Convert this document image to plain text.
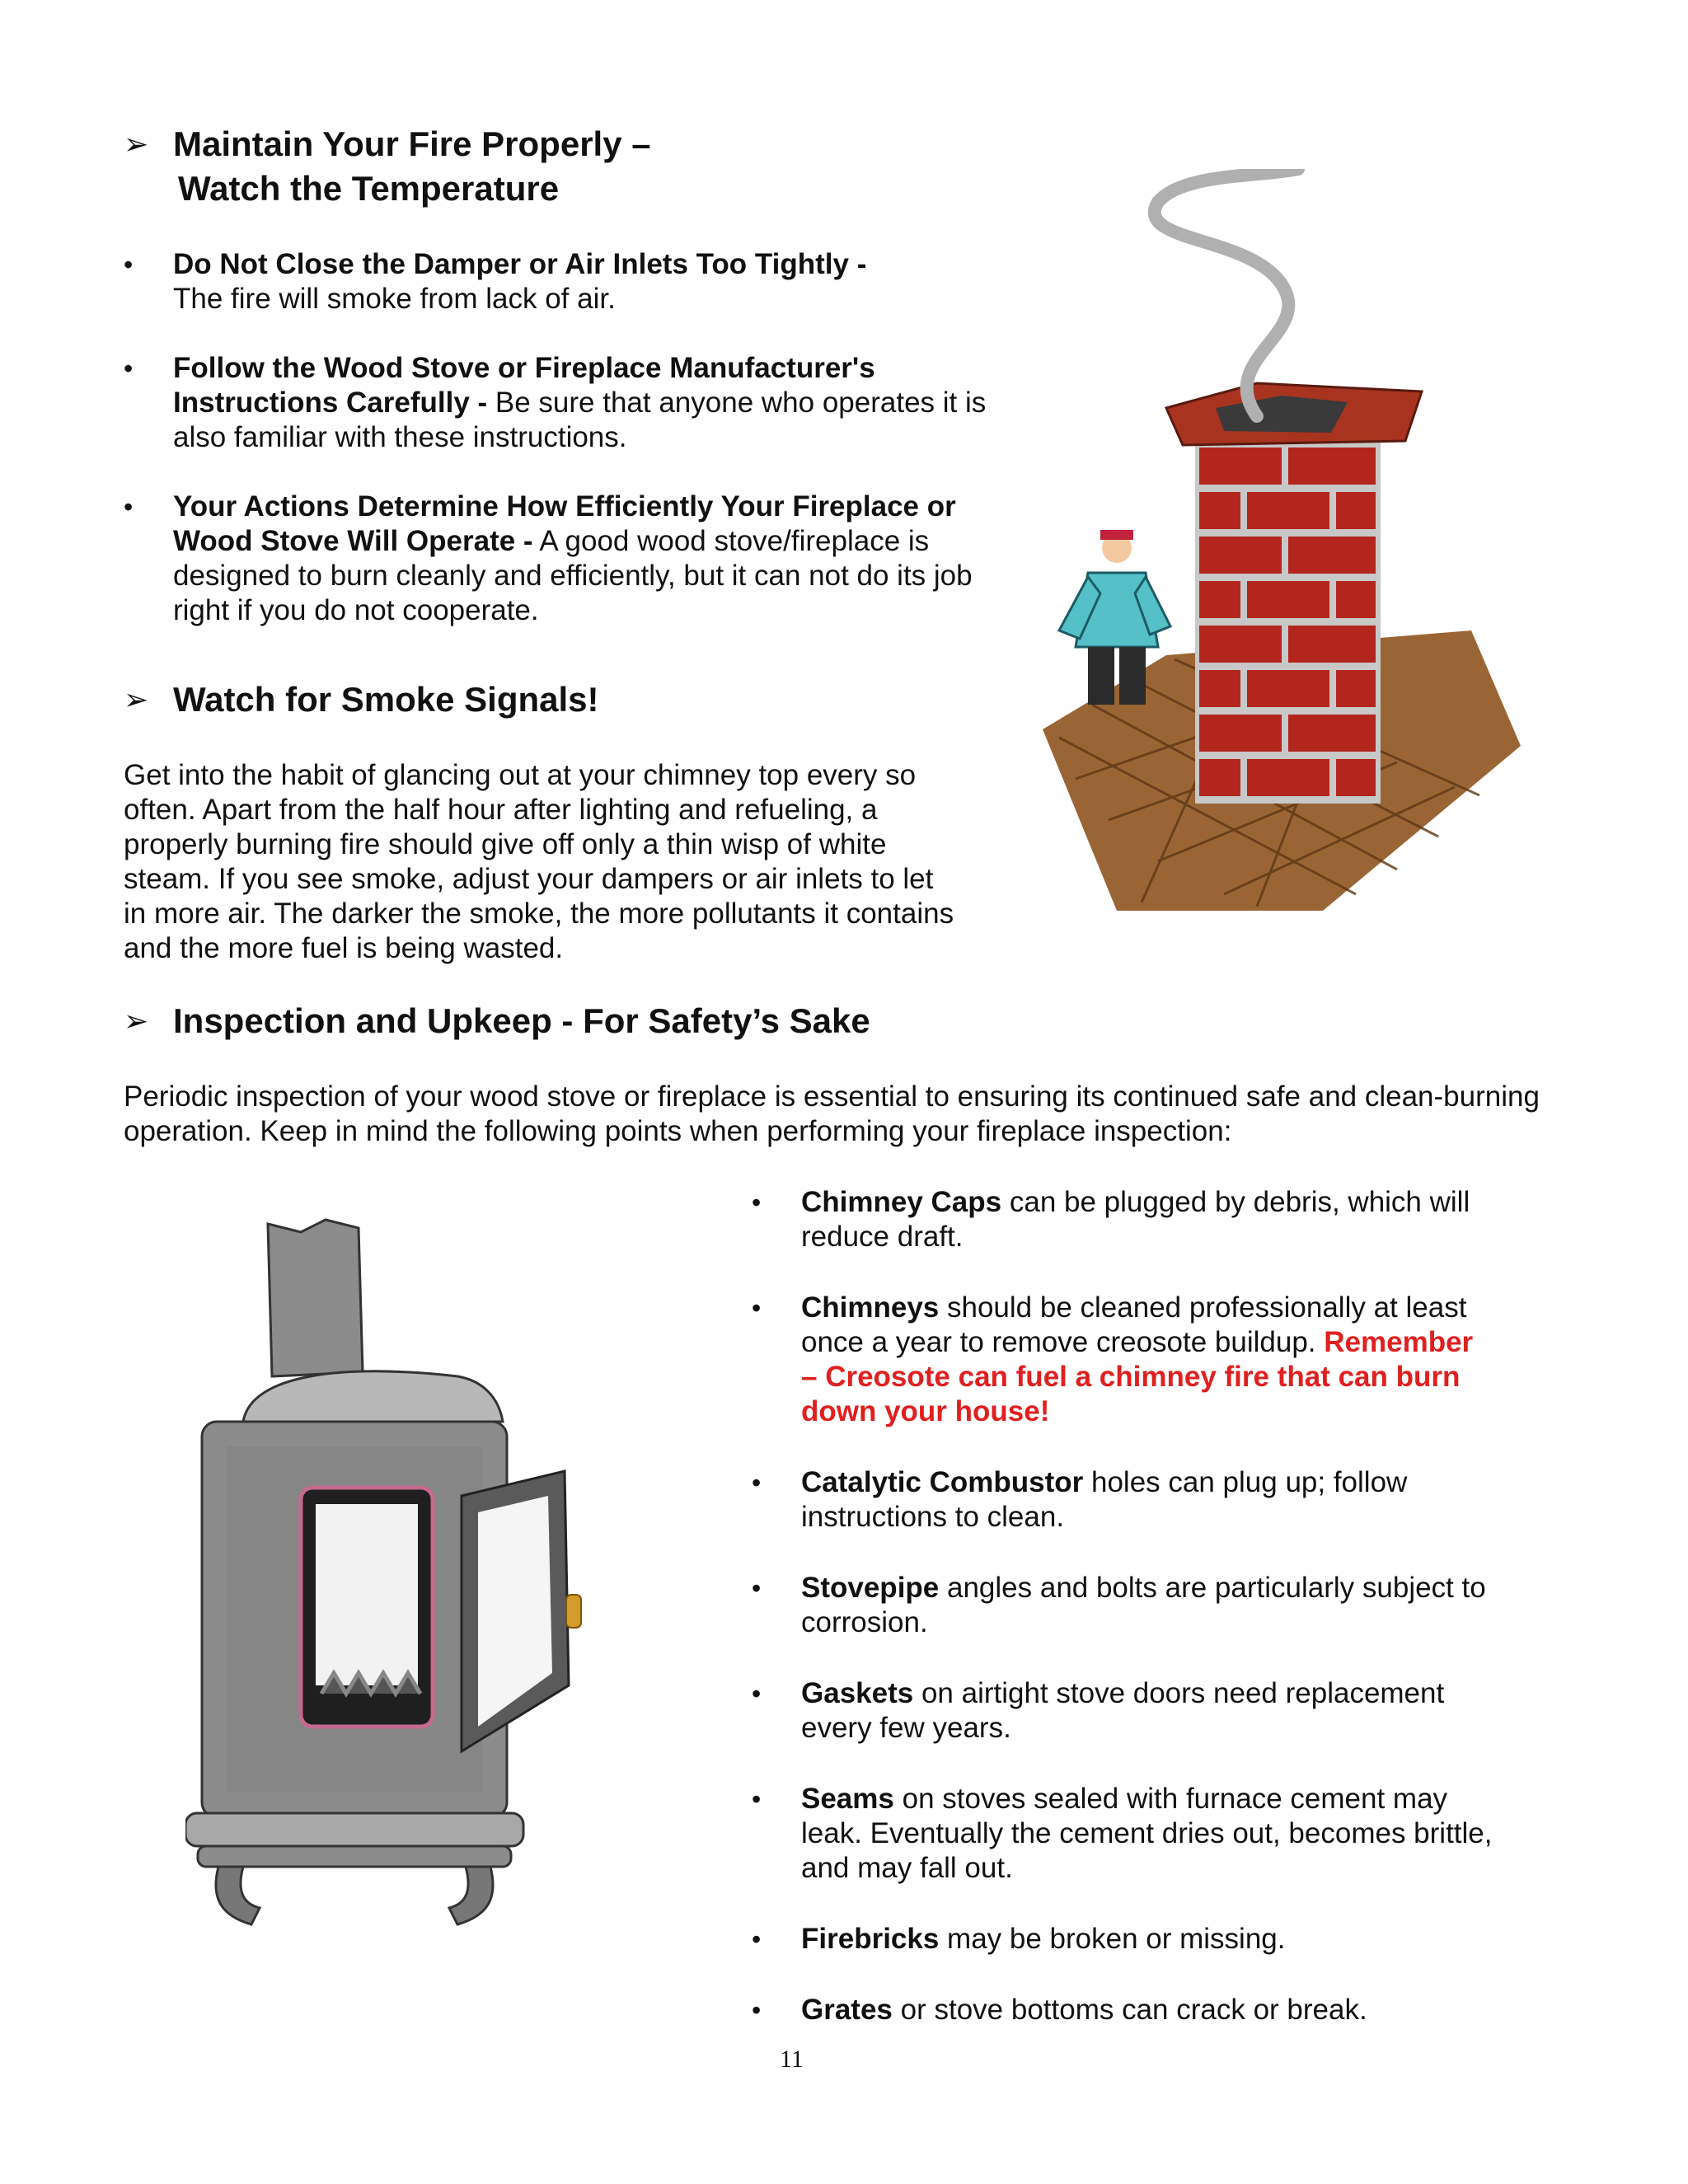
➢ Maintain Your Fire Properly –
Watch the Temperature
• Do Not Close the Damper or Air Inlets Too Tightly -
The fire will smoke from lack of air.
• Follow the Wood Stove or Fireplace Manufacturer's Instructions Carefully - Be sure that anyone who operates it is also familiar with these instructions.
• Your Actions Determine How Efficiently Your Fireplace or Wood Stove Will Operate - A good wood stove/fireplace is designed to burn cleanly and efficiently, but it can not do its job right if you do not cooperate.
➢ Watch for Smoke Signals!
Get into the habit of glancing out at your chimney top every so often. Apart from the half hour after lighting and refueling, a properly burning fire should give off only a thin wisp of white steam. If you see smoke, adjust your dampers or air inlets to let in more air. The darker the smoke, the more pollutants it contains and the more fuel is being wasted.
➢ Inspection and Upkeep - For Safety’s Sake
Periodic inspection of your wood stove or fireplace is essential to ensuring its continued safe and clean-burning operation. Keep in mind the following points when performing your fireplace inspection:
• Chimney Caps can be plugged by debris, which will reduce draft.
• Chimneys should be cleaned professionally at least once a year to remove creosote buildup. Remember – Creosote can fuel a chimney fire that can burn down your house!
• Catalytic Combustor holes can plug up; follow instructions to clean.
• Stovepipe angles and bolts are particularly subject to corrosion.
• Gaskets on airtight stove doors need replacement every few years.
• Seams on stoves sealed with furnace cement may leak. Eventually the cement dries out, becomes brittle, and may fall out.
• Firebricks may be broken or missing.
• Grates or stove bottoms can crack or break.
11
